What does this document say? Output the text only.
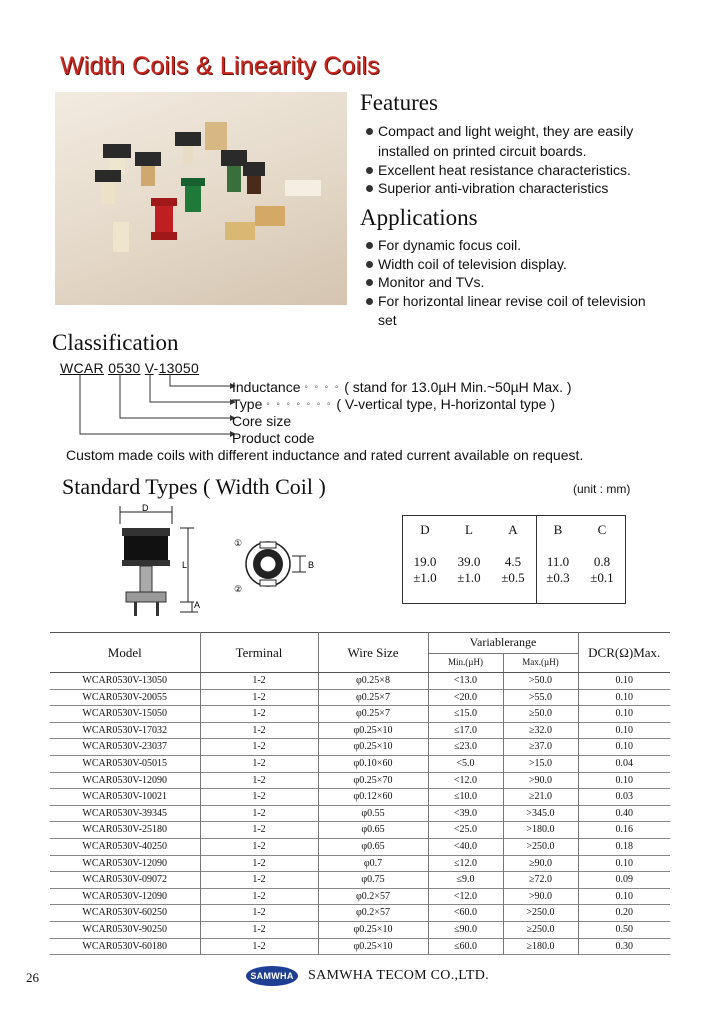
Width Coils & Linearity Coils
Features
Compact and light weight, they are easily
installed on printed circuit boards.
Excellent heat resistance characteristics.
Superior anti-vibration characteristics
Applications
For dynamic focus coil.
Width coil of television display.
Monitor and TVs.
For horizontal linear revise coil of television
set
Classification
WCAR 0530 V-13050
Inductance ° ° ° ° ( stand for 13.0µH Min.~50µH Max. )
Type ° ° ° ° ° ° ° ( V-vertical type, H-horizontal type )
Core size
Product code
Custom made coils with different inductance and rated current available on request.
Standard Types ( Width Coil )	(unit : mm)
D
L
A
①
②
B
D	L	A	B	C
19.0	39.0	4.5	11.0	0.8
±1.0	±1.0	±0.5	±0.3	±0.1
Model	Terminal	Wire Size	Variablerange		DCR(Ω)Max.
			Min.(µH)	Max.(µH)	
WCAR0530V-13050	1-2	φ0.25×8	<13.0	>50.0	0.10
WCAR0530V-20055	1-2	φ0.25×7	<20.0	>55.0	0.10
WCAR0530V-15050	1-2	φ0.25×7	≤15.0	≥50.0	0.10
WCAR0530V-17032	1-2	φ0.25×10	≤17.0	≥32.0	0.10
WCAR0530V-23037	1-2	φ0.25×10	≤23.0	≥37.0	0.10
WCAR0530V-05015	1-2	φ0.10×60	<5.0	>15.0	0.04
WCAR0530V-12090	1-2	φ0.25×70	<12.0	>90.0	0.10
WCAR0530V-10021	1-2	φ0.12×60	≤10.0	≥21.0	0.03
WCAR0530V-39345	1-2	φ0.55	<39.0	>345.0	0.40
WCAR0530V-25180	1-2	φ0.65	<25.0	>180.0	0.16
WCAR0530V-40250	1-2	φ0.65	<40.0	>250.0	0.18
WCAR0530V-12090	1-2	φ0.7	≤12.0	≥90.0	0.10
WCAR0530V-09072	1-2	φ0.75	≤9.0	≥72.0	0.09
WCAR0530V-12090	1-2	φ0.2×57	<12.0	>90.0	0.10
WCAR0530V-60250	1-2	φ0.2×57	<60.0	>250.0	0.20
WCAR0530V-90250	1-2	φ0.25×10	≤90.0	≥250.0	0.50
WCAR0530V-60180	1-2	φ0.25×10	≤60.0	≥180.0	0.30
26	SAMWHA	SAMWHA TECOM CO.,LTD.
